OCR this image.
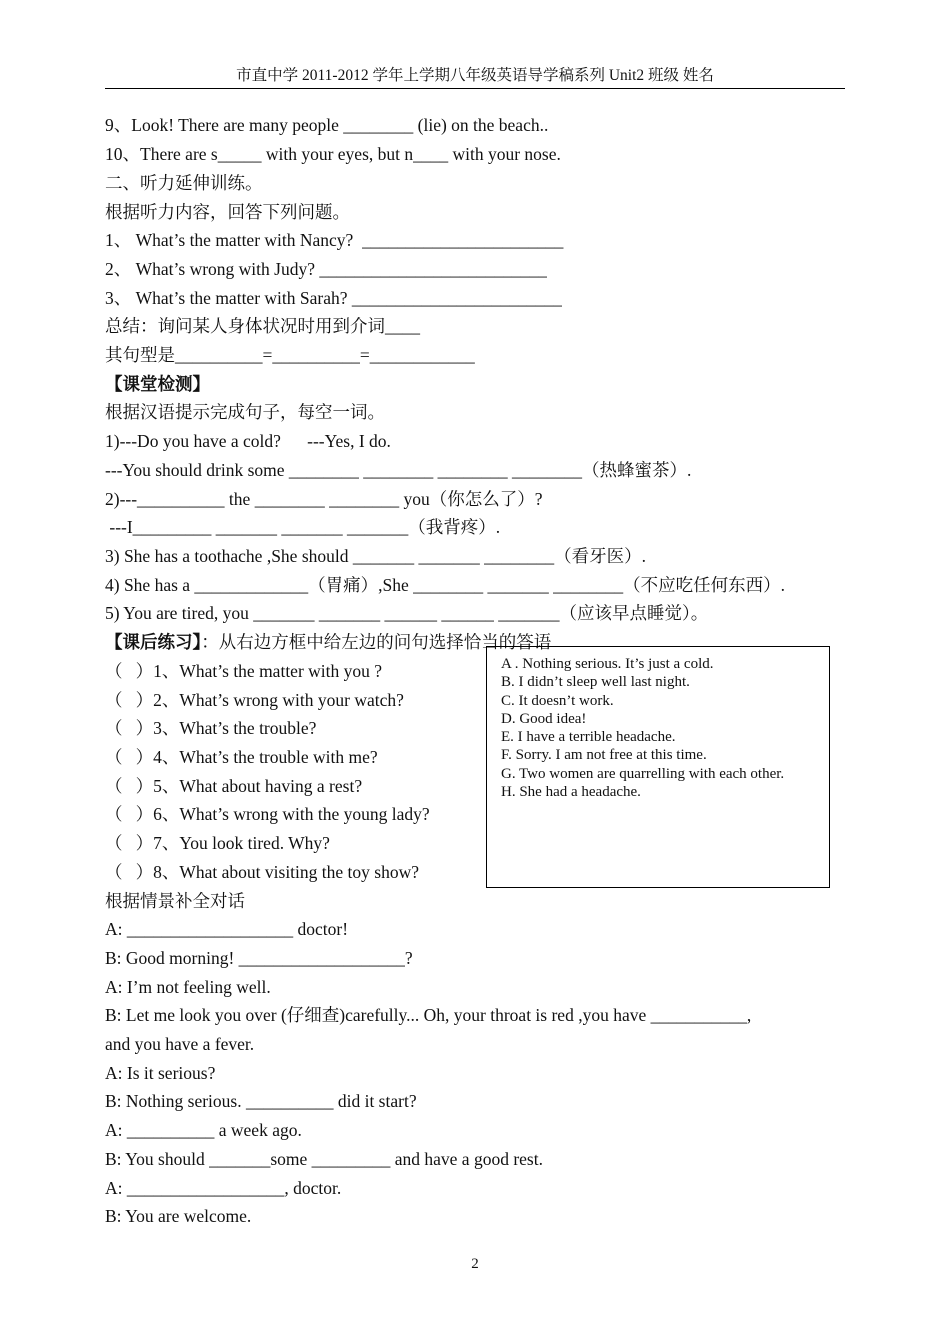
市直中学 2011-2012 学年上学期八年级英语导学稿系列 Unit2 班级 姓名
9、Look! There are many people ________ (lie) on the beach..
10、There are s_____ with your eyes, but n____ with your nose.
二、听力延伸训练。
根据听力内容，回答下列问题。
1、 What’s the matter with Nancy?  _______________________
2、 What’s wrong with Judy? __________________________
3、 What’s the matter with Sarah? ________________________
总结：询问某人身体状况时用到介词____
其句型是__________=__________=____________
【课堂检测】
根据汉语提示完成句子，每空一词。
1)---Do you have a cold?      ---Yes, I do.
---You should drink some ________ ________ ________ ________（热蜂蜜茶）.
2)---__________ the ________ ________ you（你怎么了）?
---I_________ _______ _______ _______（我背疼）.
3) She has a toothache ,She should _______ _______ ________（看牙医）.
4) She has a _____________（胃痛）,She ________ _______ ________（不应吃任何东西）.
5) You are tired, you _______ _______ ______ ______ _______（应该早点睡觉）。
【课后练习】：从右边方框中给左边的问句选择恰当的答语
（   ）1、What’s the matter with you ?
（   ）2、What’s wrong with your watch?
（   ）3、What’s the trouble?
（   ）4、What’s the trouble with me?
（   ）5、What about having a rest?
（   ）6、What’s wrong with the young lady?
（   ）7、You look tired. Why?
（   ）8、What about visiting the toy show?
根据情景补全对话
A: ___________________ doctor!
B: Good morning! ___________________?
A: I’m not feeling well.
B: Let me look you over (仔细查)carefully... Oh, your throat is red ,you have ___________,
and you have a fever.
A: Is it serious?
B: Nothing serious. __________ did it start?
A: __________ a week ago.
B: You should _______some _________ and have a good rest.
A: __________________, doctor.
B: You are welcome.
A . Nothing serious. It’s just a cold.
B. I didn’t sleep well last night.
C. It doesn’t work.
D. Good idea!
E. I have a terrible headache.
F. Sorry. I am not free at this time.
G. Two women are quarrelling with each other.
H. She had a headache.
2
